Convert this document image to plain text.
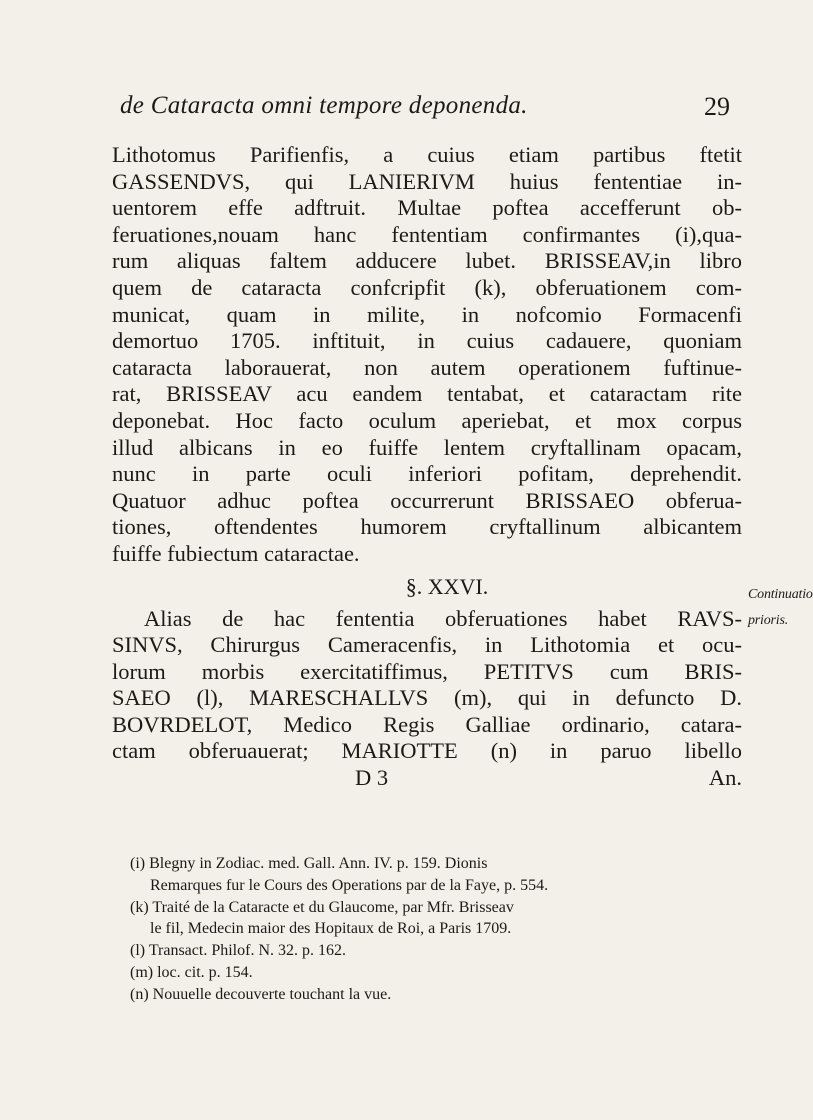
de Cataracta omni tempore deponenda.	29
Lithotomus Parifienfis, a cuius etiam partibus ftetit
GASSENDVS, qui LANIERIVM huius fententiae in-
uentorem effe adftruit. Multae poftea accefferunt ob-
feruationes,nouam hanc fententiam confirmantes (i),qua-
rum aliquas faltem adducere lubet. BRISSEAV,in libro
quem de cataracta confcripfit (k), obferuationem com-
municat, quam in milite, in nofcomio Formacenfi
demortuo 1705. inftituit, in cuius cadauere, quoniam
cataracta laborauerat, non autem operationem fuftinue-
rat, BRISSEAV acu eandem tentabat, et cataractam rite
deponebat. Hoc facto oculum aperiebat, et mox corpus
illud albicans in eo fuiffe lentem cryftallinam opacam,
nunc in parte oculi inferiori pofitam, deprehendit.
Quatuor adhuc poftea occurrerunt BRISSAEO obferua-
tiones, oftendentes humorem cryftallinum albicantem
fuiffe fubiectum cataractae.
§. XXVI.
Alias de hac fententia obferuationes habet RAVS-
SINVS, Chirurgus Cameracenfis, in Lithotomia et ocu-
lorum morbis exercitatiffimus, PETITVS cum BRIS-
SAEO (l), MARESCHALLVS (m), qui in defuncto D.
BOVRDELOT, Medico Regis Galliae ordinario, catara-
ctam obferuauerat; MARIOTTE (n) in paruo libello
D 3	An.
Continuatio
prioris.
(i) Blegny in Zodiac. med. Gall. Ann. IV. p. 159. Dionis
Remarques fur le Cours des Operations par de la Faye, p. 554.
(k) Traité de la Cataracte et du Glaucome, par Mfr. Brisseav
le fil, Medecin maior des Hopitaux de Roi, a Paris 1709.
(l) Transact. Philof. N. 32. p. 162.
(m) loc. cit. p. 154.
(n) Nouuelle decouverte touchant la vue.
